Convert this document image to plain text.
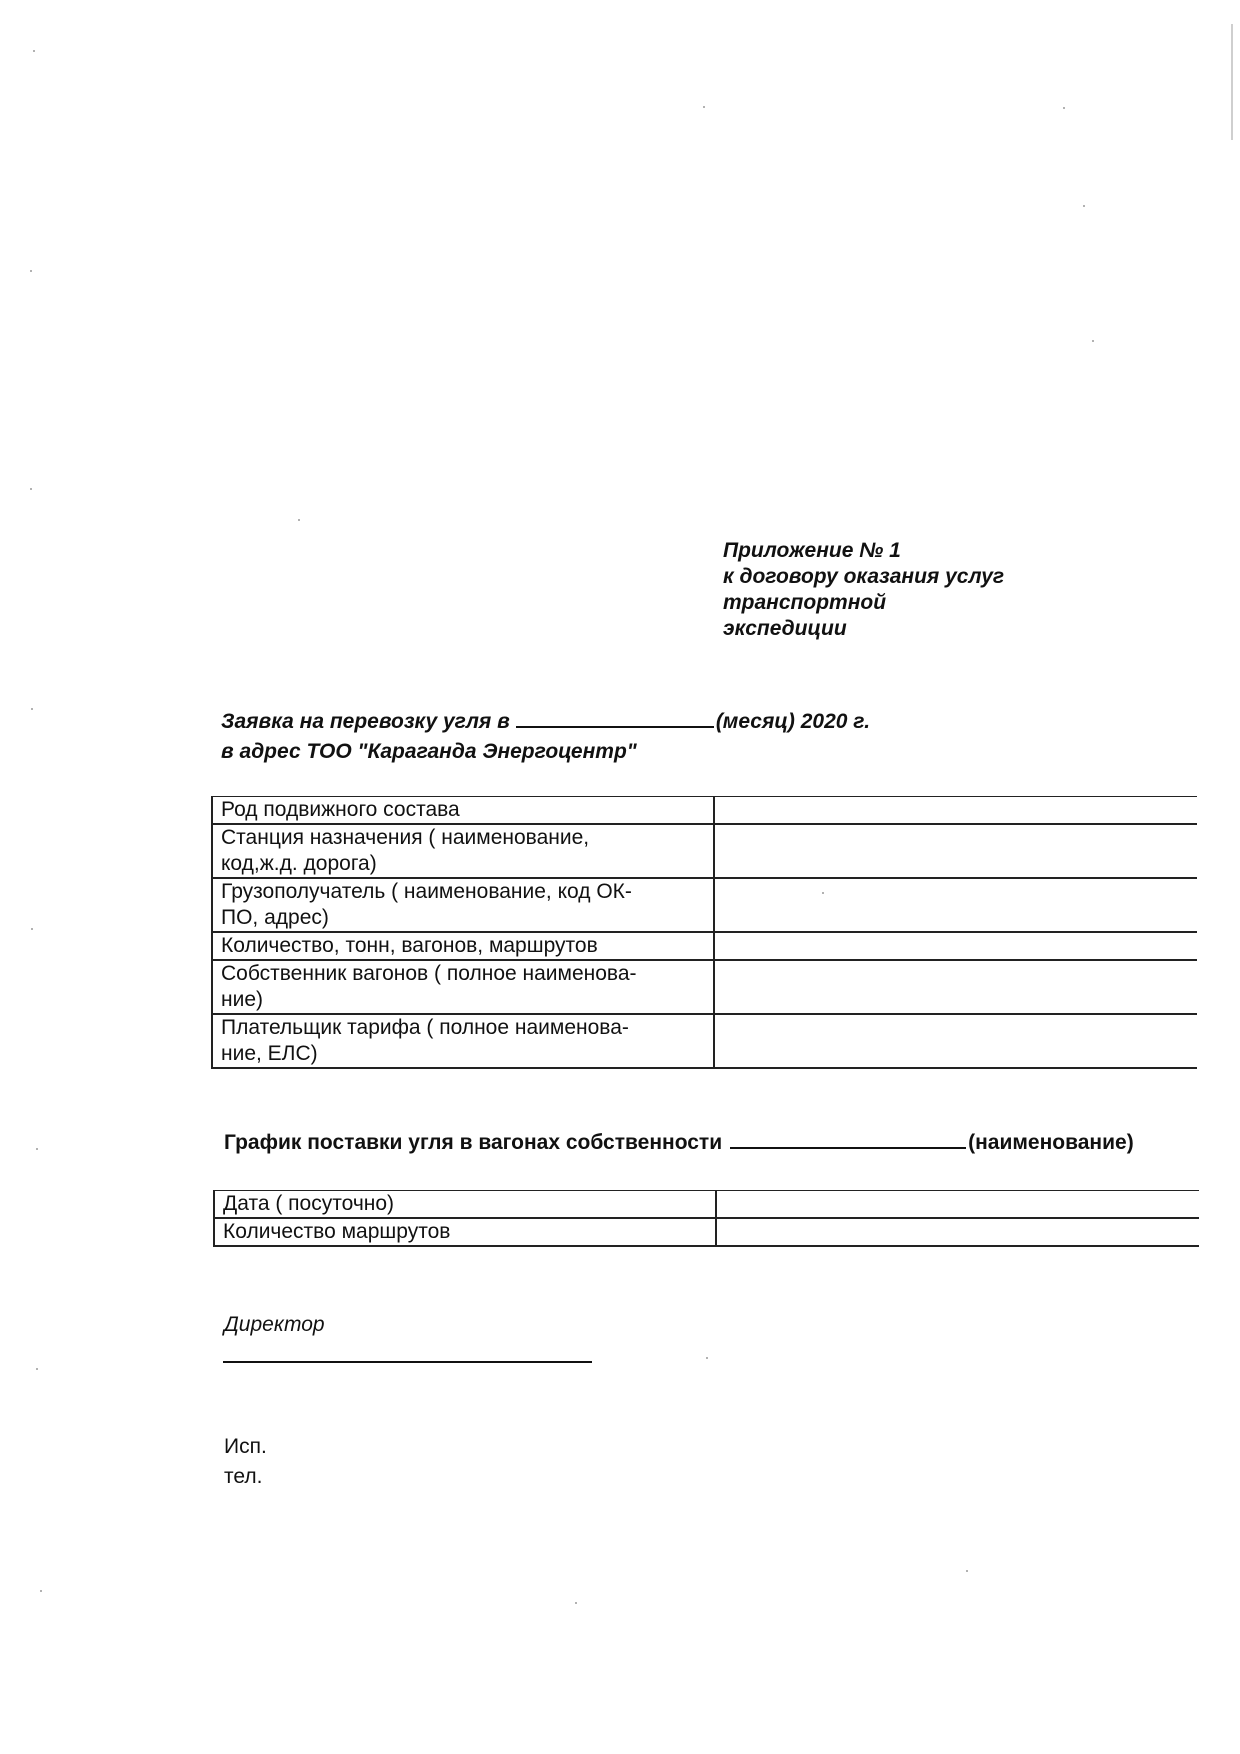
Приложение № 1
к договору оказания услуг
транспортной
экспедиции
Заявка на перевозку угля в	(месяц) 2020 г.
в адрес ТОО "Караганда Энергоцентр"
Род подвижного состава	
Станция назначения ( наименование,
код,ж.д. дорога)	
Грузополучатель ( наименование, код ОК-
ПО, адрес)	
Количество, тонн, вагонов, маршрутов	
Собственник вагонов ( полное наименова-
ние)	
Плательщик тарифа ( полное наименова-
ние, ЕЛС)	
График поставки угля в вагонах собственности	(наименование)
Дата ( посуточно)	
Количество маршрутов	
Директор
Исп.
тел.
